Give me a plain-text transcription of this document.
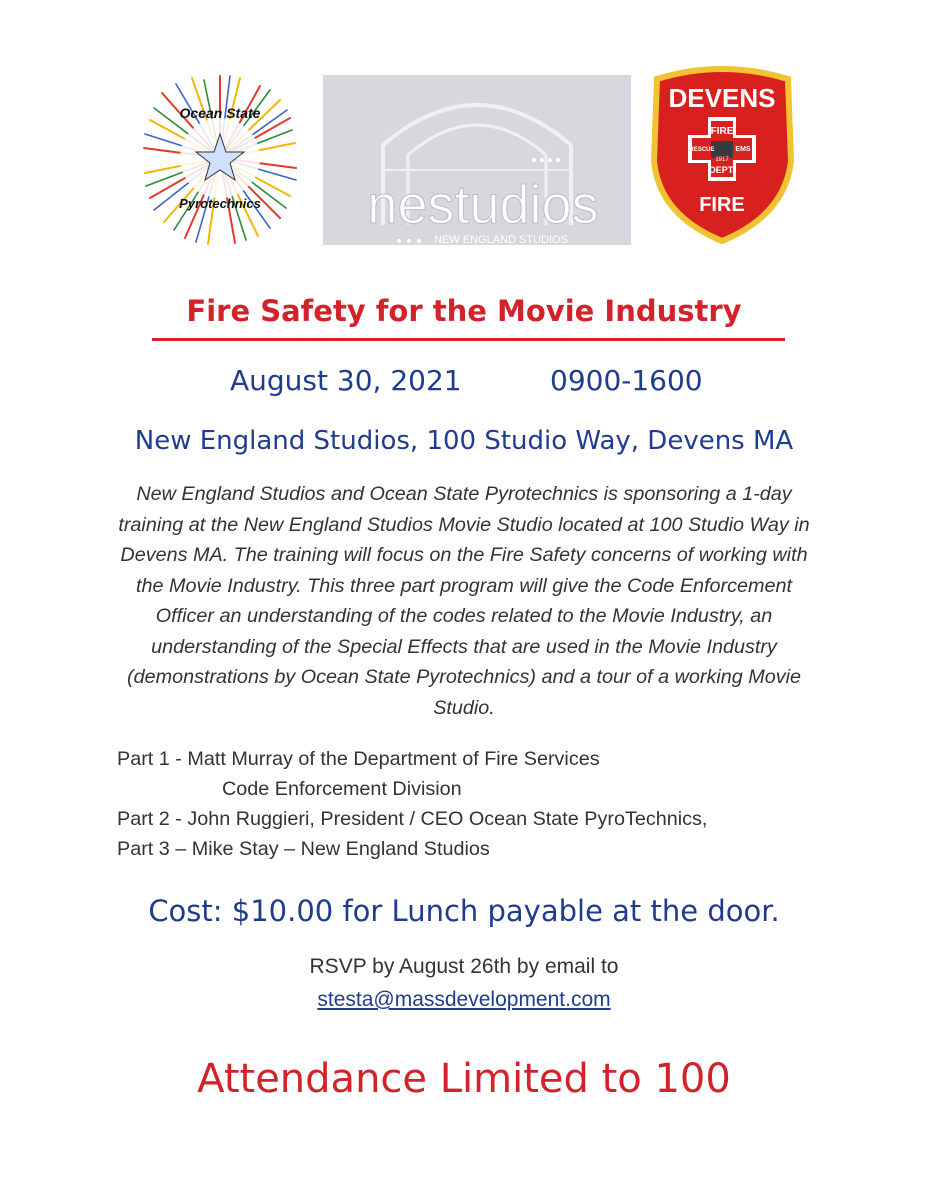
Ocean State
Pyrotechnics nestudios
NEW ENGLAND STUDIOS
DEVENS
FIRE
DEPT.
RESCUE	EMS
1917
FIRE
Fire Safety for the Movie Industry
August 30, 2021	0900-1600
New England Studios, 100 Studio Way, Devens MA
New England Studios and Ocean State Pyrotechnics is sponsoring a 1-day training at the New England Studios Movie Studio located at 100 Studio Way in Devens MA. The training will focus on the Fire Safety concerns of working with the Movie Industry. This three part program will give the Code Enforcement Officer an understanding of the codes related to the Movie Industry, an understanding of the Special Effects that are used in the Movie Industry (demonstrations by Ocean State Pyrotechnics) and a tour of a working Movie Studio.
Part 1 - Matt Murray of the Department of Fire Services
Code Enforcement Division
Part 2 - John Ruggieri, President / CEO Ocean State PyroTechnics,
Part 3 – Mike Stay – New England Studios
Cost: $10.00 for Lunch payable at the door.
RSVP by August 26th by email to
stesta@massdevelopment.com
Attendance Limited to 100
